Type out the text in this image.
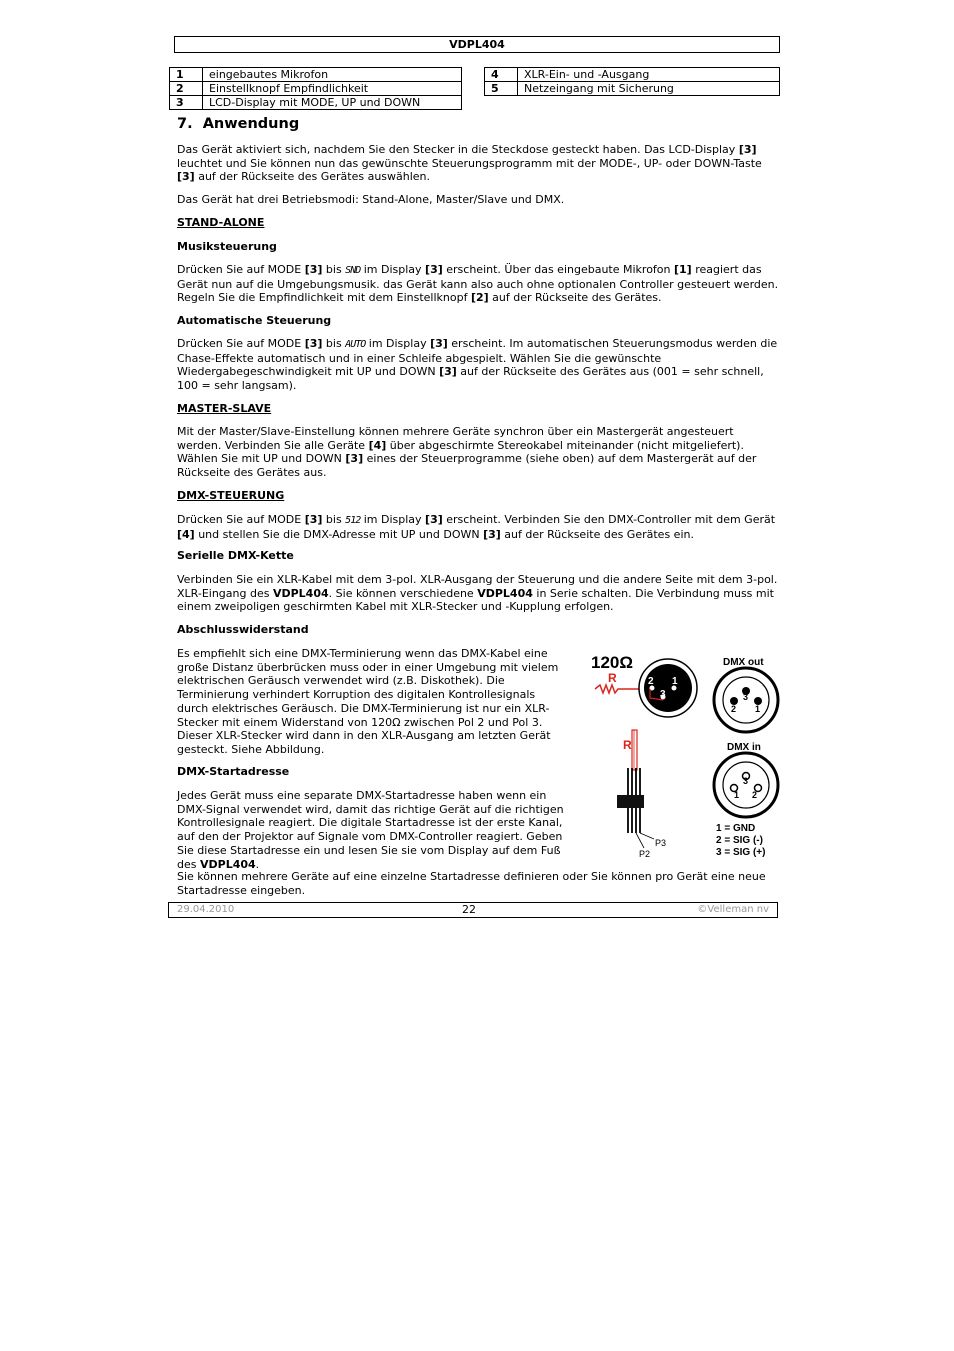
VDPL404
1	eingebautes Mikrofon
2	Einstellknopf Empfindlichkeit
3	LCD-Display mit MODE, UP und DOWN
4	XLR-Ein- und -Ausgang
5	Netzeingang mit Sicherung
7.  Anwendung
Das Gerät aktiviert sich, nachdem Sie den Stecker in die Steckdose gesteckt haben. Das LCD-Display [3] leuchtet und Sie können nun das gewünschte Steuerungsprogramm mit der MODE-, UP- oder DOWN-Taste [3] auf der Rückseite des Gerätes auswählen.
Das Gerät hat drei Betriebsmodi: Stand-Alone, Master/Slave und DMX.
STAND-ALONE
Musiksteuerung
Drücken Sie auf MODE [3] bis SND im Display [3] erscheint. Über das eingebaute Mikrofon [1] reagiert das Gerät nun auf die Umgebungsmusik. das Gerät kann also auch ohne optionalen Controller gesteuert werden. Regeln Sie die Empfindlichkeit mit dem Einstellknopf [2] auf der Rückseite des Gerätes.
Automatische Steuerung
Drücken Sie auf MODE [3] bis AUTO im Display [3] erscheint. Im automatischen Steuerungsmodus werden die Chase-Effekte automatisch und in einer Schleife abgespielt. Wählen Sie die gewünschte Wiedergabegeschwindigkeit mit UP und DOWN [3] auf der Rückseite des Gerätes aus (001 = sehr schnell, 100 = sehr langsam).
MASTER-SLAVE
Mit der Master/Slave-Einstellung können mehrere Geräte synchron über ein Mastergerät angesteuert werden. Verbinden Sie alle Geräte [4] über abgeschirmte Stereokabel miteinander (nicht mitgeliefert). Wählen Sie mit UP und DOWN [3] eines der Steuerprogramme (siehe oben) auf dem Mastergerät auf der Rückseite des Gerätes aus.
DMX-STEUERUNG
Drücken Sie auf MODE [3] bis 512 im Display [3] erscheint. Verbinden Sie den DMX-Controller mit dem Gerät [4] und stellen Sie die DMX-Adresse mit UP und DOWN [3] auf der Rückseite des Gerätes ein.
Serielle DMX-Kette
Verbinden Sie ein XLR-Kabel mit dem 3-pol. XLR-Ausgang der Steuerung und die andere Seite mit dem 3-pol. XLR-Eingang des VDPL404. Sie können verschiedene VDPL404 in Serie schalten. Die Verbindung muss mit einem zweipoligen geschirmten Kabel mit XLR-Stecker und -Kupplung erfolgen.
Abschlusswiderstand
Es empfiehlt sich eine DMX-Terminierung wenn das DMX-Kabel eine große Distanz überbrücken muss oder in einer Umgebung mit vielem elektrischen Geräusch verwendet wird (z.B. Diskothek). Die Terminierung verhindert Korruption des digitalen Kontrollesignals durch elektrisches Geräusch. Die DMX-Terminierung ist nur ein XLR-Stecker mit einem Widerstand von 120Ω zwischen Pol 2 und Pol 3. Dieser XLR-Stecker wird dann in den XLR-Ausgang am letzten Gerät gesteckt. Siehe Abbildung.
DMX-Startadresse
Jedes Gerät muss eine separate DMX-Startadresse haben wenn ein DMX-Signal verwendet wird, damit das richtige Gerät auf die richtigen Kontrollesignale reagiert. Die digitale Startadresse ist der erste Kanal, auf den der Projektor auf Signale vom DMX-Controller reagiert. Geben Sie diese Startadresse ein und lesen Sie sie vom Display auf dem Fuß des VDPL404.
Sie können mehrere Geräte auf eine einzelne Startadresse definieren oder Sie können pro Gerät eine neue Startadresse eingeben.
120Ω
R	2 1
3
R
P3
P2
DMX out
3
2 1
DMX in
3
1 2
1 = GND
2 = SIG (-)
3 = SIG (+)
29.04.2010	22	©Velleman nv
